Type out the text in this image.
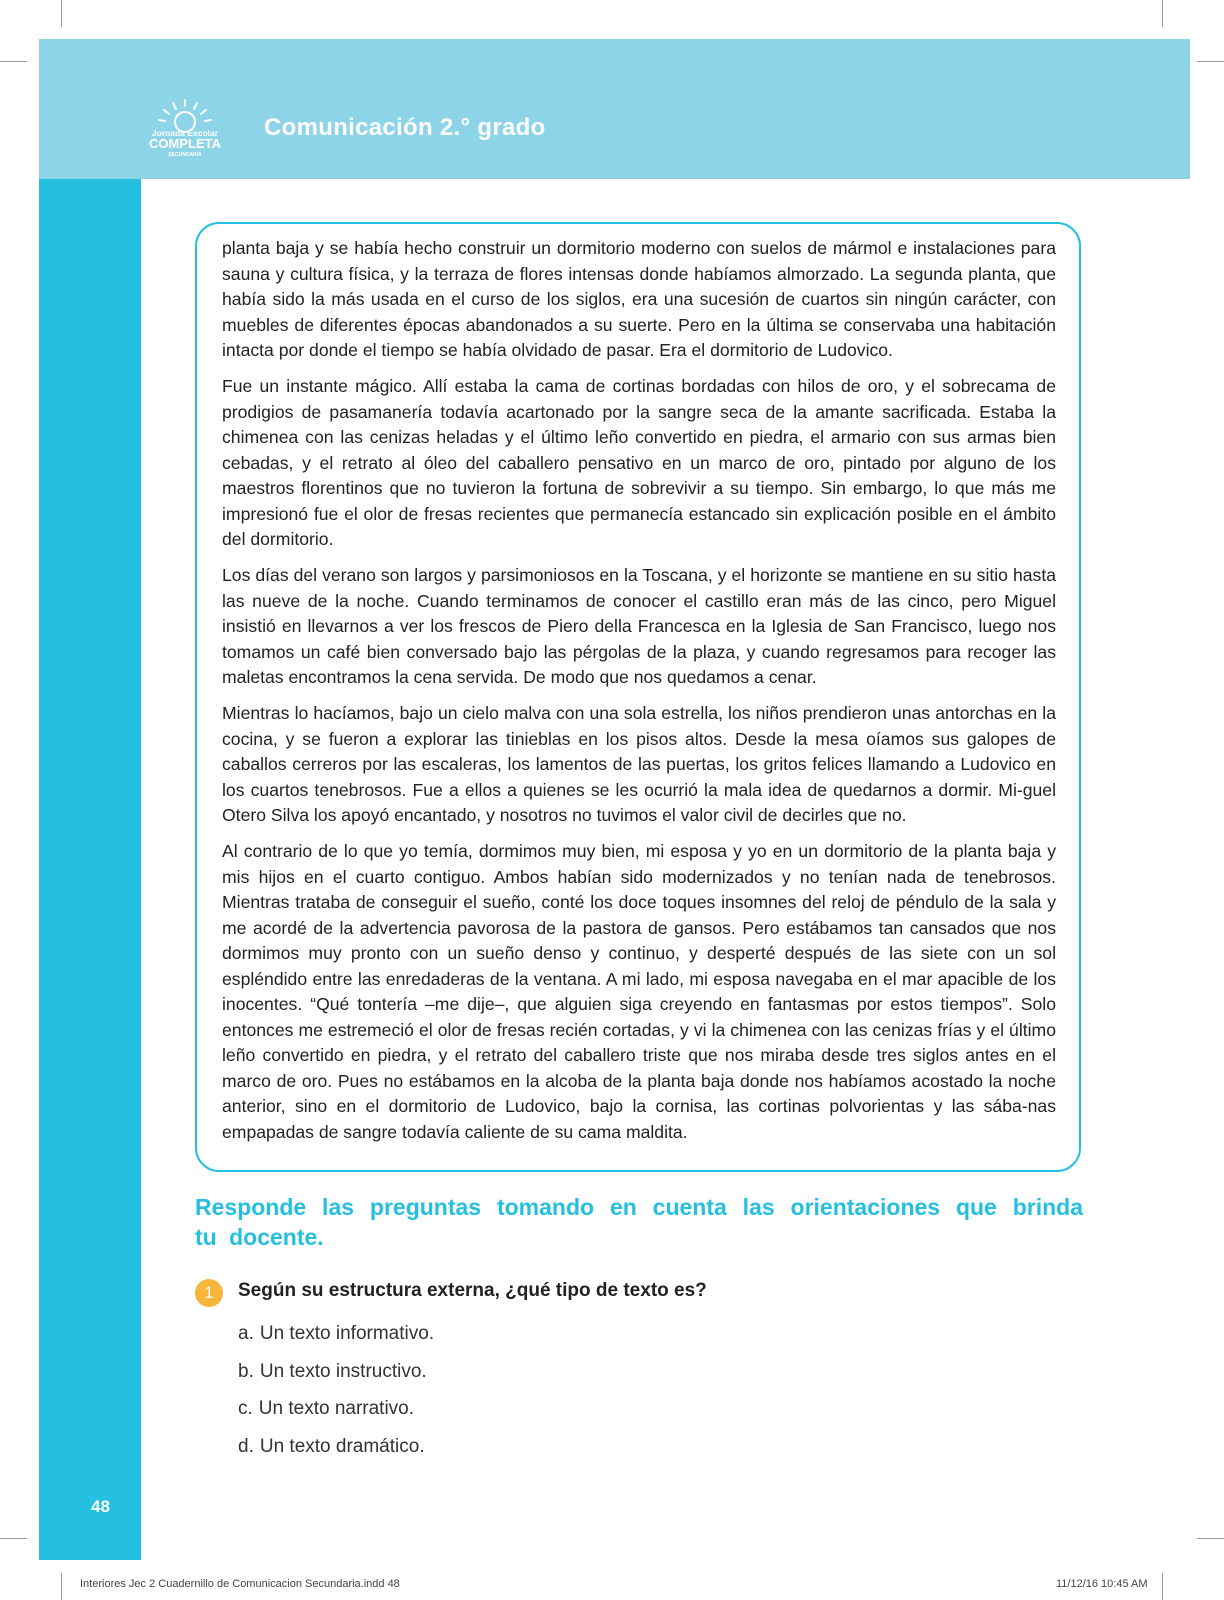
Jornada Escolar
COMPLETA
SECUNDARIA
Comunicación 2.° grado

planta baja y se había hecho construir un dormitorio moderno con suelos de mármol e instalaciones para sauna y cultura física, y la terraza de flores intensas donde habíamos almorzado. La segunda planta, que había sido la más usada en el curso de los siglos, era una sucesión de cuartos sin ningún carácter, con muebles de diferentes épocas abandonados a su suerte. Pero en la última se conservaba una habitación intacta por donde el tiempo se había olvidado de pasar. Era el dormitorio de Ludovico.

Fue un instante mágico. Allí estaba la cama de cortinas bordadas con hilos de oro, y el sobrecama de prodigios de pasamanería todavía acartonado por la sangre seca de la amante sacrificada. Estaba la chimenea con las cenizas heladas y el último leño convertido en piedra, el armario con sus armas bien cebadas, y el retrato al óleo del caballero pensativo en un marco de oro, pintado por alguno de los maestros florentinos que no tuvieron la fortuna de sobrevivir a su tiempo. Sin embargo, lo que más me impresionó fue el olor de fresas recientes que permanecía estancado sin explicación posible en el ámbito del dormitorio.

Los días del verano son largos y parsimoniosos en la Toscana, y el horizonte se mantiene en su sitio hasta las nueve de la noche. Cuando terminamos de conocer el castillo eran más de las cinco, pero Miguel insistió en llevarnos a ver los frescos de Piero della Francesca en la Iglesia de San Francisco, luego nos tomamos un café bien conversado bajo las pérgolas de la plaza, y cuando regresamos para recoger las maletas encontramos la cena servida. De modo que nos quedamos a cenar.

Mientras lo hacíamos, bajo un cielo malva con una sola estrella, los niños prendieron unas antorchas en la cocina, y se fueron a explorar las tinieblas en los pisos altos. Desde la mesa oíamos sus galopes de caballos cerreros por las escaleras, los lamentos de las puertas, los gritos felices llamando a Ludovico en los cuartos tenebrosos. Fue a ellos a quienes se les ocurrió la mala idea de quedarnos a dormir. Mi-guel Otero Silva los apoyó encantado, y nosotros no tuvimos el valor civil de decirles que no.

Al contrario de lo que yo temía, dormimos muy bien, mi esposa y yo en un dormitorio de la planta baja y mis hijos en el cuarto contiguo. Ambos habían sido modernizados y no tenían nada de tenebrosos. Mientras trataba de conseguir el sueño, conté los doce toques insomnes del reloj de péndulo de la sala y me acordé de la advertencia pavorosa de la pastora de gansos. Pero estábamos tan cansados que nos dormimos muy pronto con un sueño denso y continuo, y desperté después de las siete con un sol espléndido entre las enredaderas de la ventana. A mi lado, mi esposa navegaba en el mar apacible de los inocentes. “Qué tontería –me dije–, que alguien siga creyendo en fantasmas por estos tiempos”. Solo entonces me estremeció el olor de fresas recién cortadas, y vi la chimenea con las cenizas frías y el último leño convertido en piedra, y el retrato del caballero triste que nos miraba desde tres siglos antes en el marco de oro. Pues no estábamos en la alcoba de la planta baja donde nos habíamos acostado la noche anterior, sino en el dormitorio de Ludovico, bajo la cornisa, las cortinas polvorientas y las sába-nas empapadas de sangre todavía caliente de su cama maldita.

Responde las preguntas tomando en cuenta las orientaciones que brinda tu docente.
1	Según su estructura externa, ¿qué tipo de texto es?
a. Un texto informativo.
b. Un texto instructivo.
c. Un texto narrativo.
d. Un texto dramático.
48
Interiores Jec 2 Cuadernillo de Comunicacion Secundaria.indd 48	11/12/16 10:45 AM
